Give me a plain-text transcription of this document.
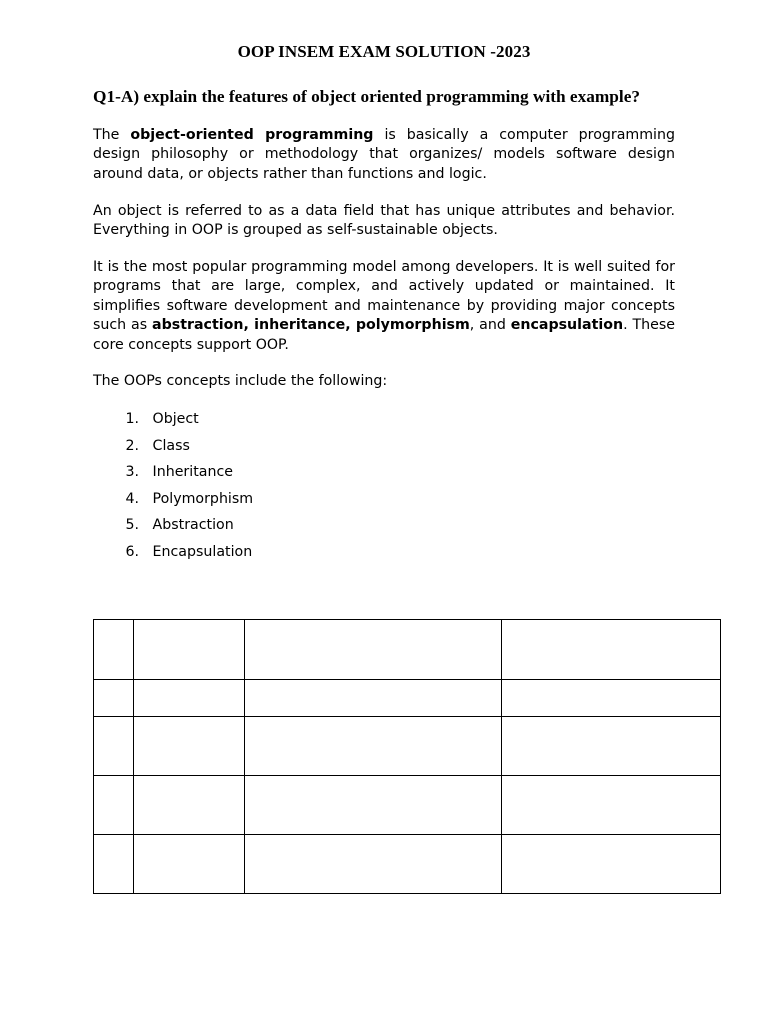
OOP INSEM EXAM SOLUTION -2023
Q1-A) explain the features of object oriented programming with example?

The object-oriented programming is basically a computer programming design philosophy or methodology that organizes/ models software design around data, or objects rather than functions and logic.

An object is referred to as a data field that has unique attributes and behavior. Everything in OOP is grouped as self-sustainable objects.

It is the most popular programming model among developers. It is well suited for programs that are large, complex, and actively updated or maintained. It simplifies software development and maintenance by providing major concepts such as abstraction, inheritance, polymorphism, and encapsulation. These core concepts support OOP.

The OOPs concepts include the following:

1.
Object
2.
Class
3.
Inheritance
4.
Polymorphism
5.
Abstraction
6.
Encapsulation
